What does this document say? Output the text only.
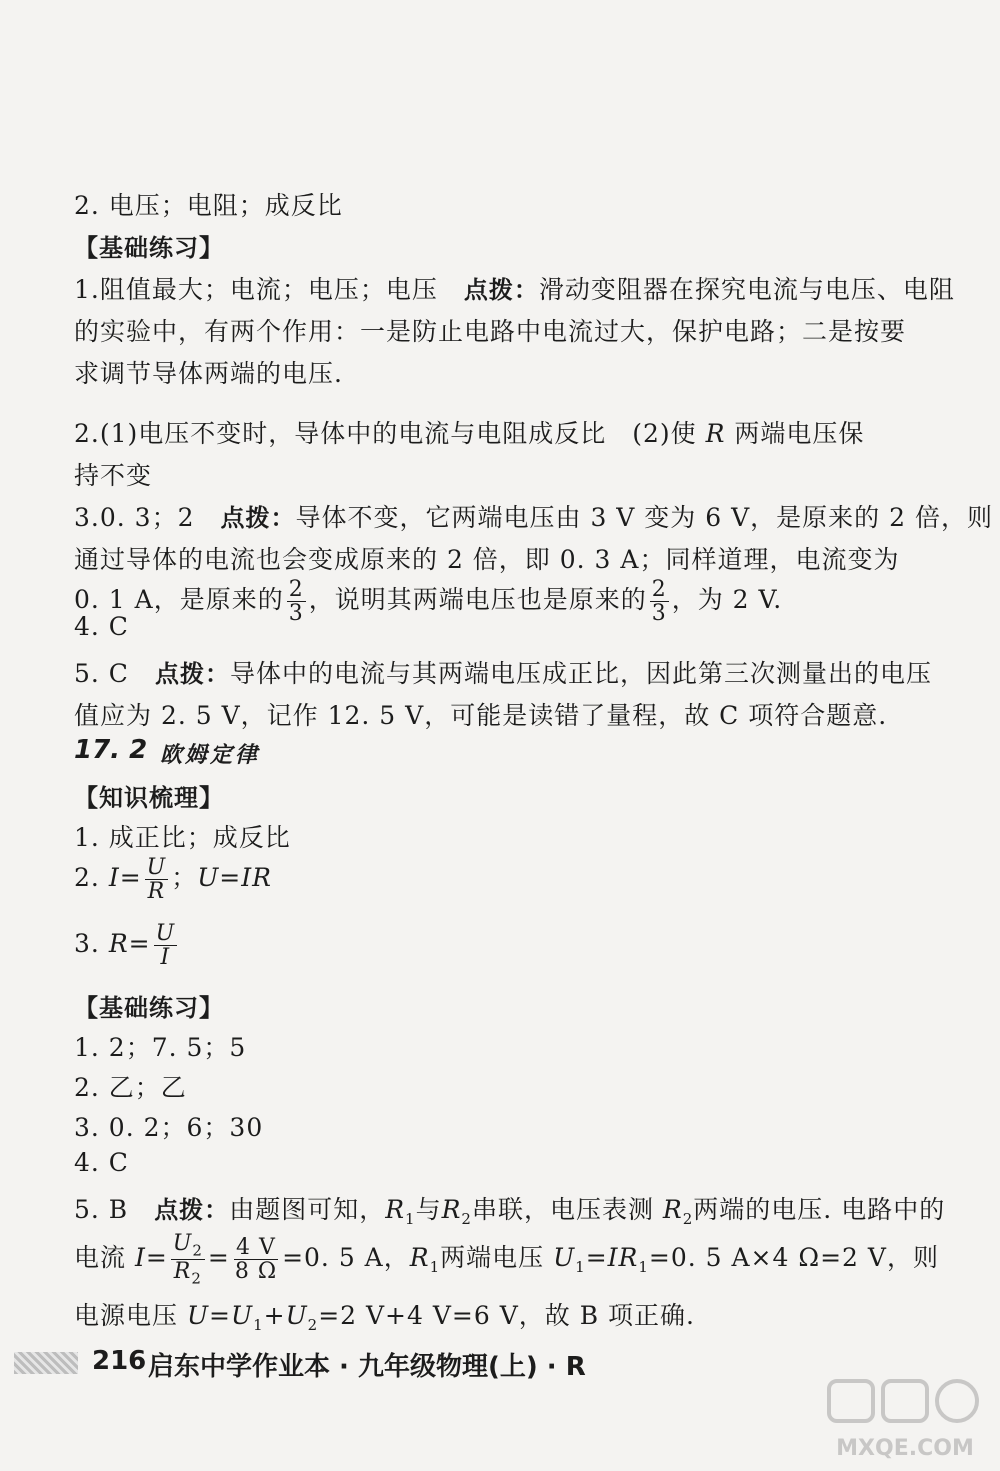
2. 电压；电阻；成反比
【基础练习】
1.阻值最大；电流；电压；电压　 点拨：滑动变阻器在探究电流与电压、电阻
的实验中，有两个作用：一是防止电路中电流过大，保护电路；二是按要
求调节导体两端的电压.
2.(1)电压不变时，导体中的电流与电阻成反比　(2)使 R 两端电压保
持不变
3.0. 3；2　 点拨：导体不变，它两端电压由 3 V 变为 6 V，是原来的 2 倍，则
通过导体的电流也会变成原来的 2 倍，即 0. 3 A；同样道理，电流变为
0. 1 A，是原来的 $\frac{2}{3}$ ，说明其两端电压也是原来的 $\frac{2}{3}$ ，为 2 V.
4. C
5. C　 点拨：导体中的电流与其两端电压成正比，因此第三次测量出的电压
值应为 2. 5 V，记作 12. 5 V，可能是读错了量程，故 C 项符合题意.
17. 2 欧姆定律
【知识梳理】
1. 成正比；成反比
2. $I= \frac{U}{R}$ ；U=IR
3. $R= \frac{U}{I}$
【基础练习】
1. 2；7. 5；5
2. 乙；乙
3. 0. 2；6；30
4. C
5. B　 点拨：由题图可知，$R_1$与$R_2$串联，电压表测 $R_2$两端的电压. 电路中的
电流 $I= \frac{U_2}{R_2} = \frac{4 V}{8 \Omega} =0$. 5 A，$R_1$两端电压 $U_1=IR_1=0$. 5 A×4 Ω=2 V，则
电源电压 $U=U_1+U_2=2$ V+4 V=6 V，故 B 项正确.
216 启东中学作业本 · 九年级物理(上) · R
MXQE.COM
